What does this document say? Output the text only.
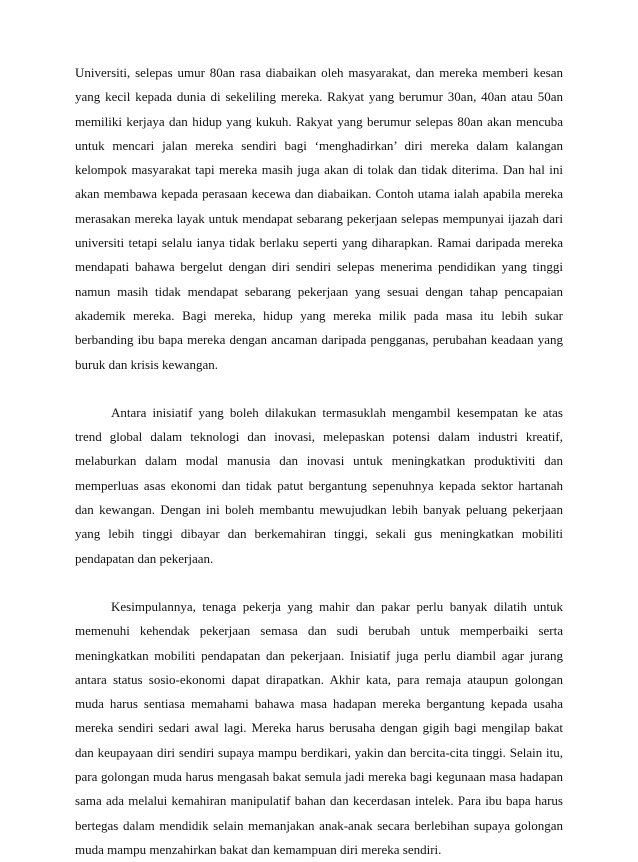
Universiti, selepas umur 80an rasa diabaikan oleh masyarakat, dan mereka memberi kesan yang kecil kepada dunia di sekeliling mereka. Rakyat yang berumur 30an, 40an atau 50an memiliki kerjaya dan hidup yang kukuh. Rakyat yang berumur selepas 80an akan mencuba untuk mencari jalan mereka sendiri bagi ‘menghadirkan’ diri mereka dalam kalangan kelompok masyarakat tapi mereka masih juga akan di tolak dan tidak diterima. Dan hal ini akan membawa kepada perasaan kecewa dan diabaikan. Contoh utama ialah apabila mereka merasakan mereka layak untuk mendapat sebarang pekerjaan selepas mempunyai ijazah dari universiti tetapi selalu ianya tidak berlaku seperti yang diharapkan. Ramai daripada mereka mendapati bahawa bergelut dengan diri sendiri selepas menerima pendidikan yang tinggi namun masih tidak mendapat sebarang pekerjaan yang sesuai dengan tahap pencapaian akademik mereka. Bagi mereka, hidup yang mereka milik pada masa itu lebih sukar berbanding ibu bapa mereka dengan ancaman daripada pengganas, perubahan keadaan yang buruk dan krisis kewangan.

Antara inisiatif yang boleh dilakukan termasuklah mengambil kesempatan ke atas trend global dalam teknologi dan inovasi, melepaskan potensi dalam industri kreatif, melaburkan dalam modal manusia dan inovasi untuk meningkatkan produktiviti dan memperluas asas ekonomi dan tidak patut bergantung sepenuhnya kepada sektor hartanah dan kewangan. Dengan ini boleh membantu mewujudkan lebih banyak peluang pekerjaan yang lebih tinggi dibayar dan berkemahiran tinggi, sekali gus meningkatkan mobiliti pendapatan dan pekerjaan.

Kesimpulannya, tenaga pekerja yang mahir dan pakar perlu banyak dilatih untuk memenuhi kehendak pekerjaan semasa dan sudi berubah untuk memperbaiki serta meningkatkan mobiliti pendapatan dan pekerjaan. Inisiatif juga perlu diambil agar jurang antara status sosio-ekonomi dapat dirapatkan. Akhir kata, para remaja ataupun golongan muda harus sentiasa memahami bahawa masa hadapan mereka bergantung kepada usaha mereka sendiri sedari awal lagi. Mereka harus berusaha dengan gigih bagi mengilap bakat dan keupayaan diri sendiri supaya mampu berdikari, yakin dan bercita-cita tinggi. Selain itu, para golongan muda harus mengasah bakat semula jadi mereka bagi kegunaan masa hadapan sama ada melalui kemahiran manipulatif bahan dan kecerdasan intelek. Para ibu bapa harus bertegas dalam mendidik selain memanjakan anak-anak secara berlebihan supaya golongan muda mampu menzahirkan bakat dan kemampuan diri mereka sendiri.
